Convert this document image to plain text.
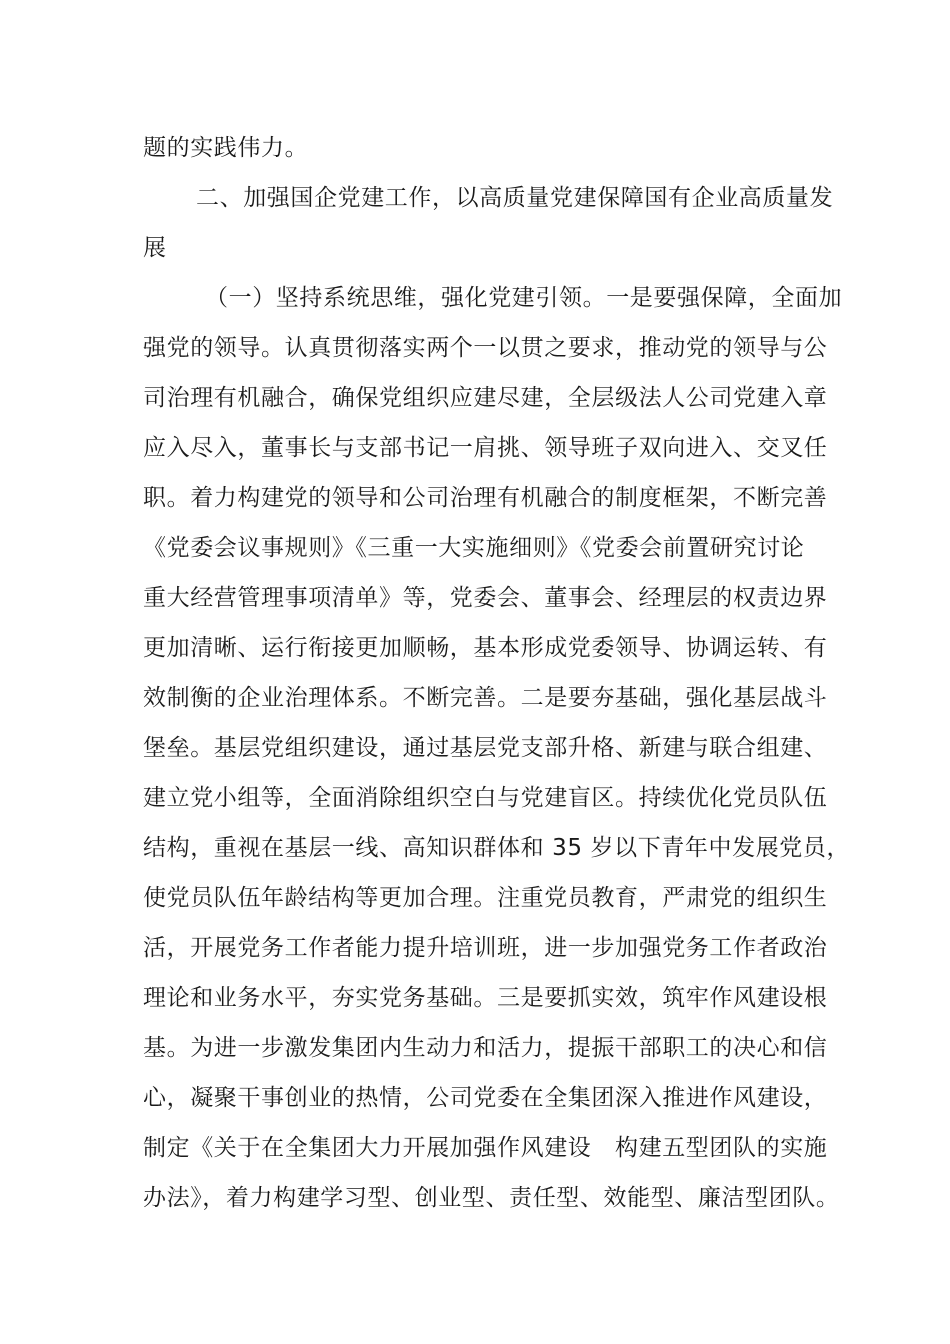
题的实践伟力。
二、加强国企党建工作，以高质量党建保障国有企业高质量发
展
（一）坚持系统思维，强化党建引领。一是要强保障，全面加
强党的领导。认真贯彻落实两个一以贯之要求，推动党的领导与公
司治理有机融合，确保党组织应建尽建，全层级法人公司党建入章
应入尽入，董事长与支部书记一肩挑、领导班子双向进入、交叉任
职。着力构建党的领导和公司治理有机融合的制度框架，不断完善
《党委会议事规则》《三重一大实施细则》《党委会前置研究讨论
重大经营管理事项清单》等，党委会、董事会、经理层的权责边界
更加清晰、运行衔接更加顺畅，基本形成党委领导、协调运转、有
效制衡的企业治理体系。不断完善。二是要夯基础，强化基层战斗
堡垒。基层党组织建设，通过基层党支部升格、新建与联合组建、
建立党小组等，全面消除组织空白与党建盲区。持续优化党员队伍
结构，重视在基层一线、高知识群体和 35 岁以下青年中发展党员，
使党员队伍年龄结构等更加合理。注重党员教育，严肃党的组织生
活，开展党务工作者能力提升培训班，进一步加强党务工作者政治
理论和业务水平，夯实党务基础。三是要抓实效，筑牢作风建设根
基。为进一步激发集团内生动力和活力，提振干部职工的决心和信
心，凝聚干事创业的热情，公司党委在全集团深入推进作风建设，
制定《关于在全集团大力开展加强作风建设　构建五型团队的实施
办法》，着力构建学习型、创业型、责任型、效能型、廉洁型团队。
